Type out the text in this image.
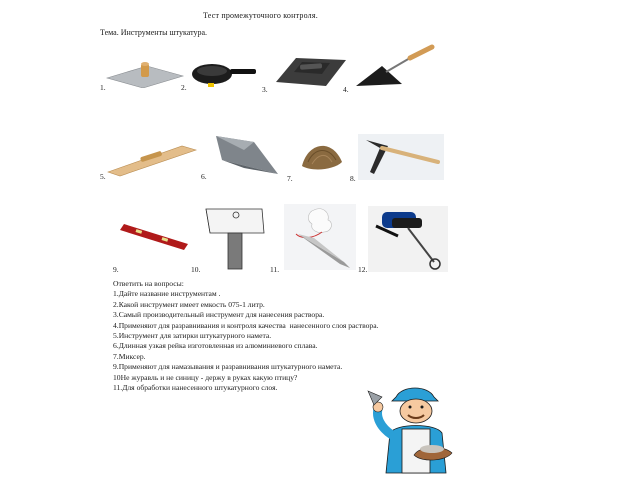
Тест промежуточного контроля.
Тема. Инструменты штукатура.
1.	2.	3.	4.
5.	6.	7.	8.
9.	10.	11.	12.
Ответить на вопросы:
1.Дайте название инструментам .
2.Какой инструмент имеет емкость 075-1 литр.
3.Самый производительный инструмент для нанесения раствора.
4.Применяют для разравнивания и контроля качества  нанесенного слоя раствора.
5.Инструмент для затирки штукатурного намета.
6.Длинная узкая рейка изготовленная из алюминиевого сплава.
7.Миксер.
9.Применяют для намазывания и разравнивания штукатурного намета.
10Не журавль и не синицу - держу в руках какую птицу?
11.Для обработки нанесенного штукатурного слоя.
